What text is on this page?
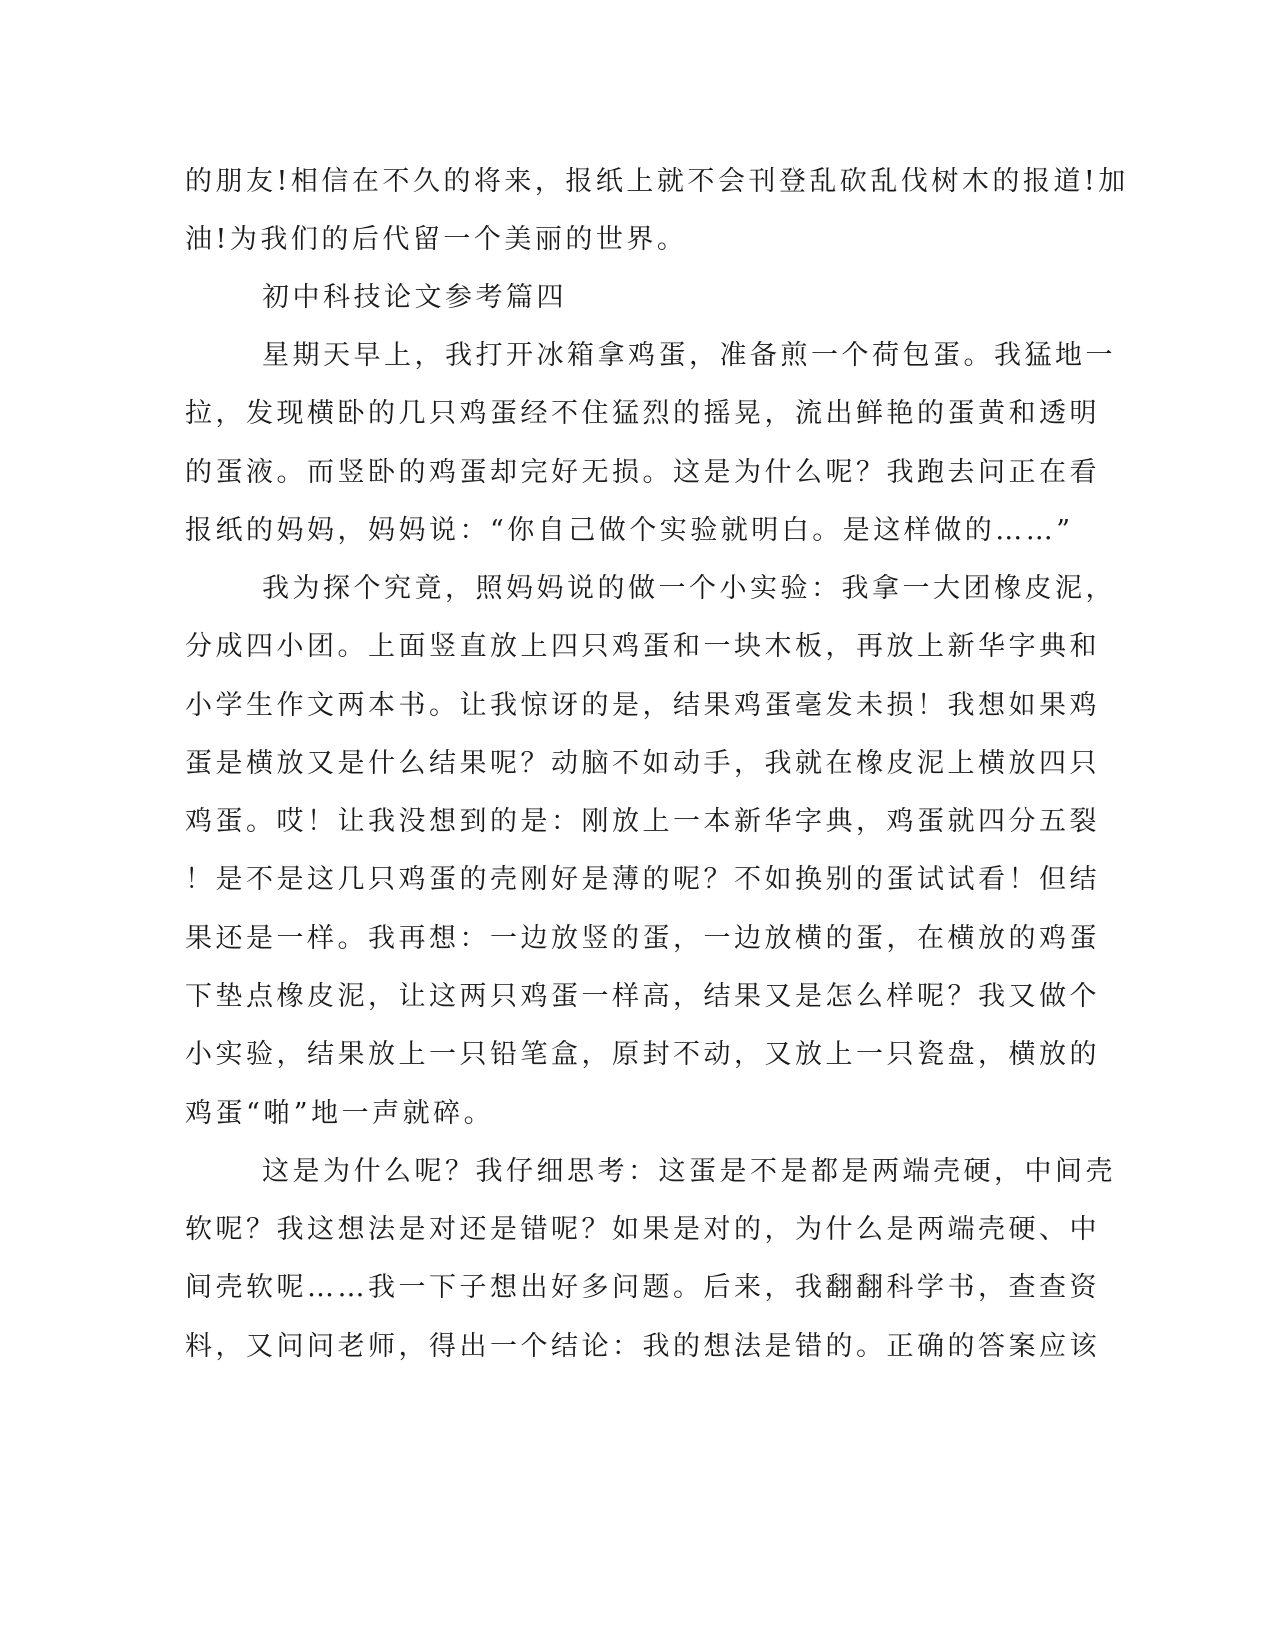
的朋友!相信在不久的将来，报纸上就不会刊登乱砍乱伐树木的报道!加
油!为我们的后代留一个美丽的世界。
初中科技论文参考篇四
星期天早上，我打开冰箱拿鸡蛋，准备煎一个荷包蛋。我猛地一
拉，发现横卧的几只鸡蛋经不住猛烈的摇晃，流出鲜艳的蛋黄和透明
的蛋液。而竖卧的鸡蛋却完好无损。这是为什么呢？我跑去问正在看
报纸的妈妈，妈妈说：“你自己做个实验就明白。是这样做的……”
我为探个究竟，照妈妈说的做一个小实验：我拿一大团橡皮泥，
分成四小团。上面竖直放上四只鸡蛋和一块木板，再放上新华字典和
小学生作文两本书。让我惊讶的是，结果鸡蛋毫发未损！我想如果鸡
蛋是横放又是什么结果呢？动脑不如动手，我就在橡皮泥上横放四只
鸡蛋。哎！让我没想到的是：刚放上一本新华字典，鸡蛋就四分五裂
！是不是这几只鸡蛋的壳刚好是薄的呢？不如换别的蛋试试看！但结
果还是一样。我再想：一边放竖的蛋，一边放横的蛋，在横放的鸡蛋
下垫点橡皮泥，让这两只鸡蛋一样高，结果又是怎么样呢？我又做个
小实验，结果放上一只铅笔盒，原封不动，又放上一只瓷盘，横放的
鸡蛋“啪”地一声就碎。
这是为什么呢？我仔细思考：这蛋是不是都是两端壳硬，中间壳
软呢？我这想法是对还是错呢？如果是对的，为什么是两端壳硬、中
间壳软呢……我一下子想出好多问题。后来，我翻翻科学书，查查资
料，又问问老师，得出一个结论：我的想法是错的。正确的答案应该
